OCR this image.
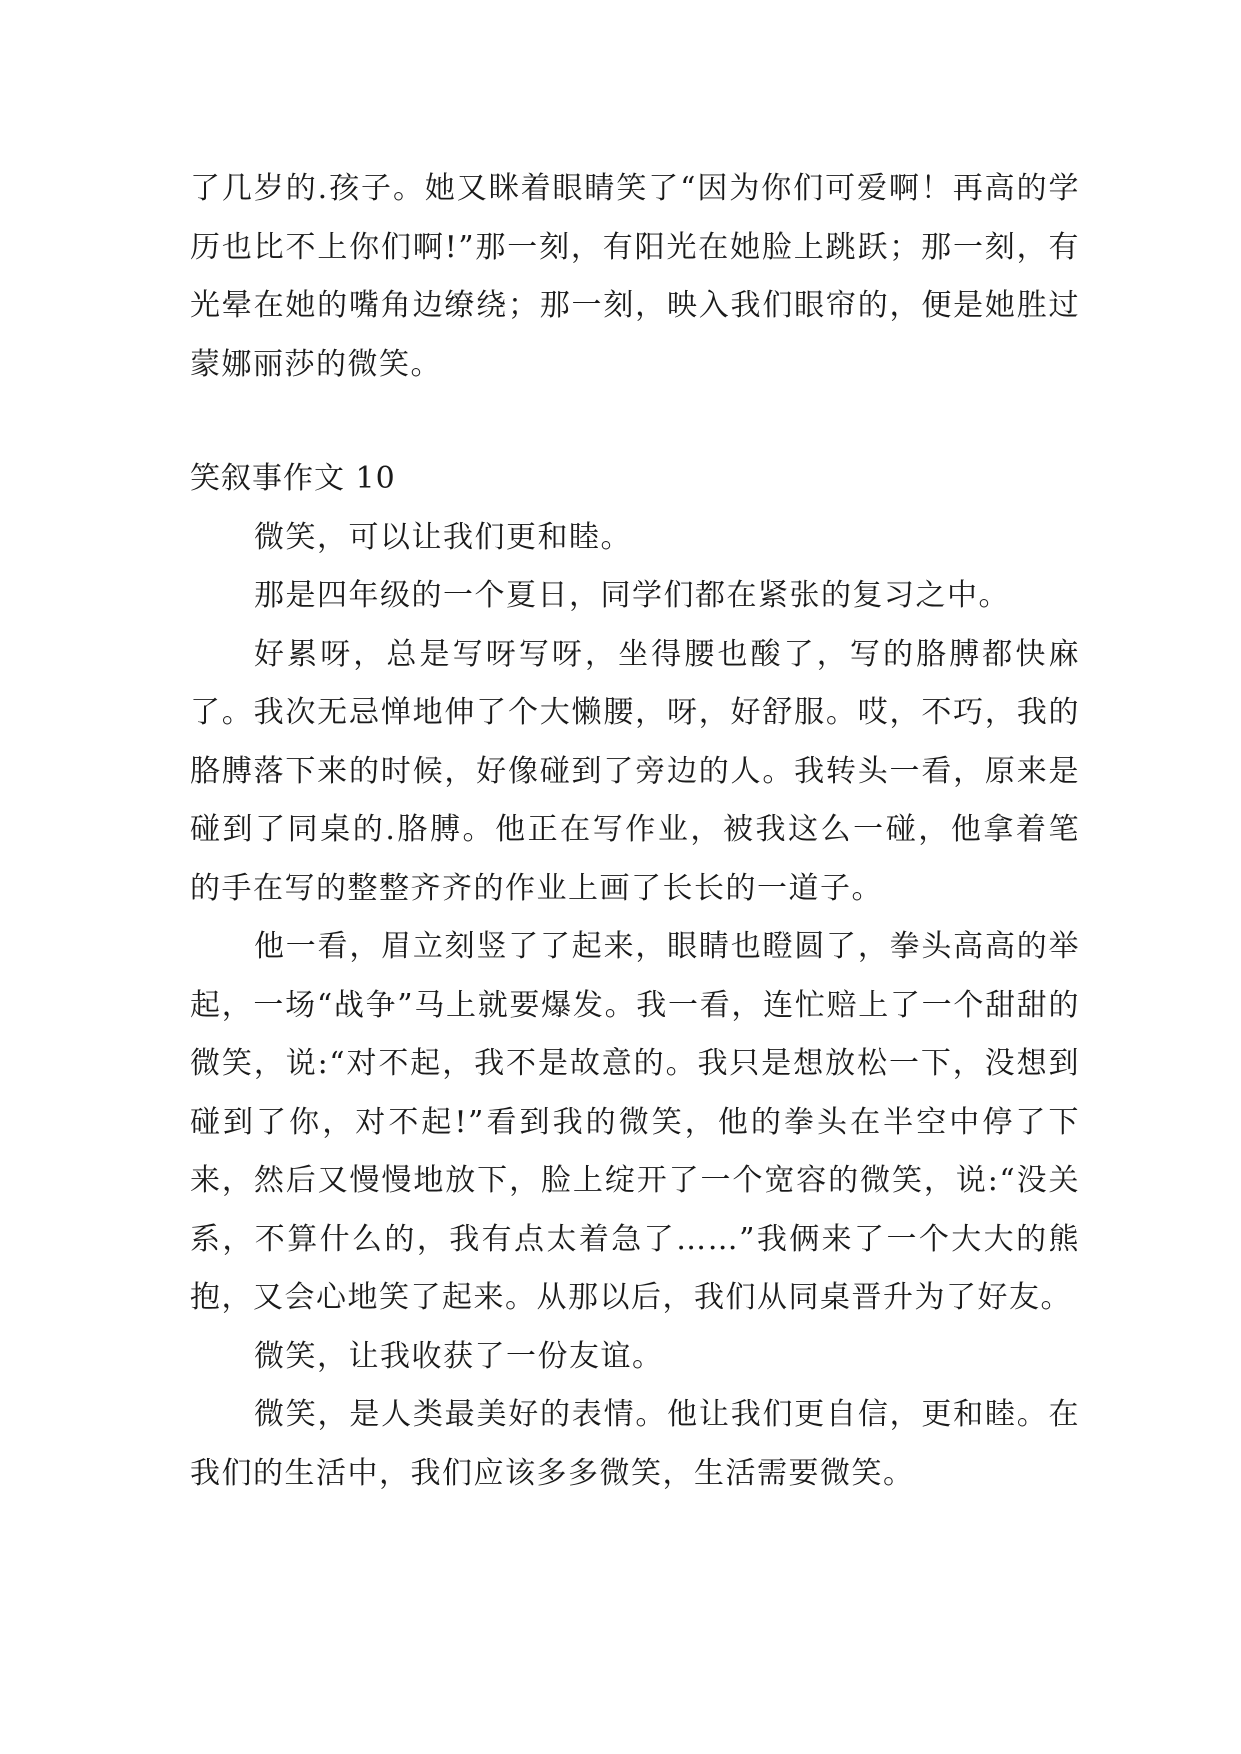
了几岁的.孩子。她又眯着眼睛笑了“因为你们可爱啊！再高的学历也比不上你们啊!”那一刻，有阳光在她脸上跳跃；那一刻，有光晕在她的嘴角边缭绕；那一刻，映入我们眼帘的，便是她胜过蒙娜丽莎的微笑。

笑叙事作文 10

微笑，可以让我们更和睦。

那是四年级的一个夏日，同学们都在紧张的复习之中。

好累呀，总是写呀写呀，坐得腰也酸了，写的胳膊都快麻了。我次无忌惮地伸了个大懒腰，呀，好舒服。哎，不巧，我的胳膊落下来的时候，好像碰到了旁边的人。我转头一看，原来是碰到了同桌的.胳膊。他正在写作业，被我这么一碰，他拿着笔的手在写的整整齐齐的作业上画了长长的一道子。

他一看，眉立刻竖了了起来，眼睛也瞪圆了，拳头高高的举起，一场“战争”马上就要爆发。我一看，连忙赔上了一个甜甜的微笑，说:“对不起，我不是故意的。我只是想放松一下，没想到碰到了你，对不起!”看到我的微笑，他的拳头在半空中停了下来，然后又慢慢地放下，脸上绽开了一个宽容的微笑，说:“没关系，不算什么的，我有点太着急了……”我俩来了一个大大的熊抱，又会心地笑了起来。从那以后，我们从同桌晋升为了好友。

微笑，让我收获了一份友谊。

微笑，是人类最美好的表情。他让我们更自信，更和睦。在我们的生活中，我们应该多多微笑，生活需要微笑。
